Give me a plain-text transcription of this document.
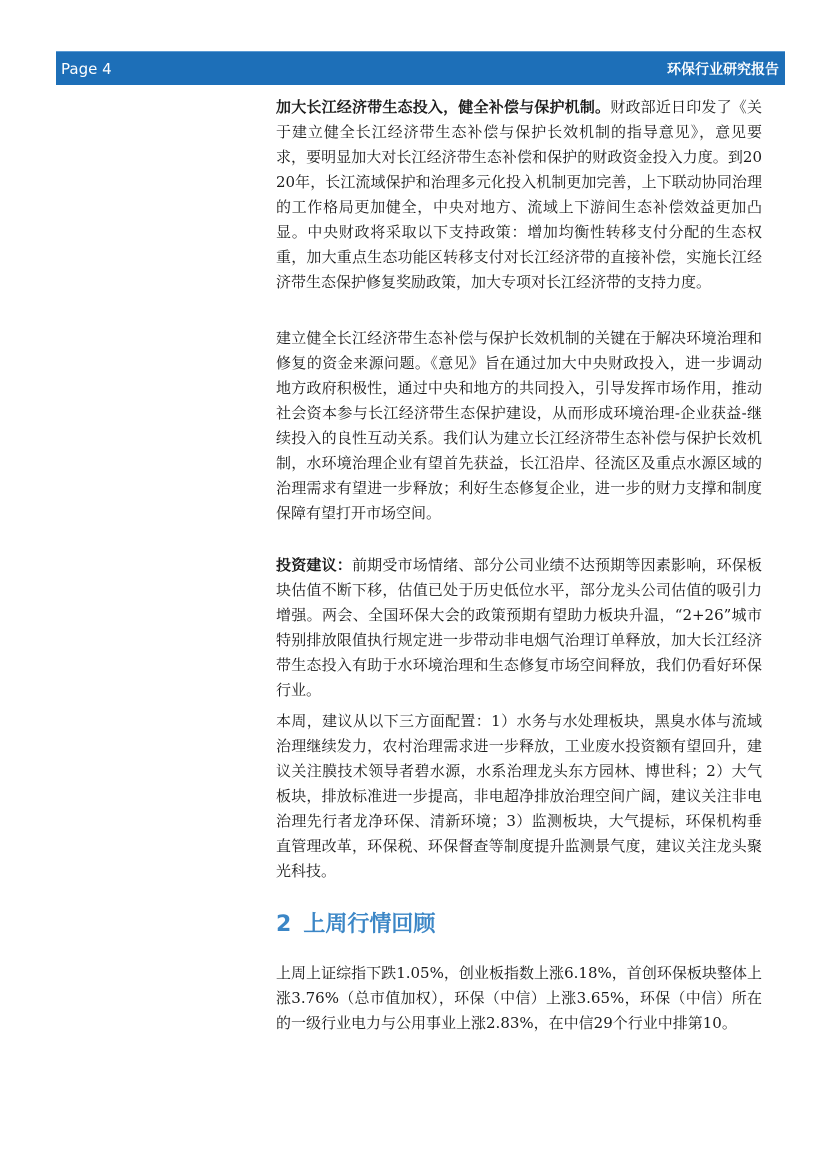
Page 4	环保行业研究报告

加大长江经济带生态投入，健全补偿与保护机制。财政部近日印发了《关于建立健全长江经济带生态补偿与保护长效机制的指导意见》，意见要求，要明显加大对长江经济带生态补偿和保护的财政资金投入力度。到2020年，长江流域保护和治理多元化投入机制更加完善，上下联动协同治理的工作格局更加健全，中央对地方、流域上下游间生态补偿效益更加凸显。中央财政将采取以下支持政策：增加均衡性转移支付分配的生态权重，加大重点生态功能区转移支付对长江经济带的直接补偿，实施长江经济带生态保护修复奖励政策，加大专项对长江经济带的支持力度。

建立健全长江经济带生态补偿与保护长效机制的关键在于解决环境治理和修复的资金来源问题。《意见》旨在通过加大中央财政投入，进一步调动地方政府积极性，通过中央和地方的共同投入，引导发挥市场作用，推动社会资本参与长江经济带生态保护建设，从而形成环境治理-企业获益-继续投入的良性互动关系。我们认为建立长江经济带生态补偿与保护长效机制，水环境治理企业有望首先获益，长江沿岸、径流区及重点水源区域的治理需求有望进一步释放；利好生态修复企业，进一步的财力支撑和制度保障有望打开市场空间。

投资建议：前期受市场情绪、部分公司业绩不达预期等因素影响，环保板块估值不断下移，估值已处于历史低位水平，部分龙头公司估值的吸引力增强。两会、全国环保大会的政策预期有望助力板块升温，“2+26”城市特别排放限值执行规定进一步带动非电烟气治理订单释放，加大长江经济带生态投入有助于水环境治理和生态修复市场空间释放，我们仍看好环保行业。

本周，建议从以下三方面配置：1）水务与水处理板块，黑臭水体与流域治理继续发力，农村治理需求进一步释放，工业废水投资额有望回升，建议关注膜技术领导者碧水源，水系治理龙头东方园林、博世科；2）大气板块，排放标准进一步提高，非电超净排放治理空间广阔，建议关注非电治理先行者龙净环保、清新环境；3）监测板块，大气提标，环保机构垂直管理改革，环保税、环保督查等制度提升监测景气度，建议关注龙头聚光科技。

2 上周行情回顾

上周上证综指下跌1.05%，创业板指数上涨6.18%，首创环保板块整体上涨3.76%（总市值加权），环保（中信）上涨3.65%，环保（中信）所在的一级行业电力与公用事业上涨2.83%，在中信29个行业中排第10。
